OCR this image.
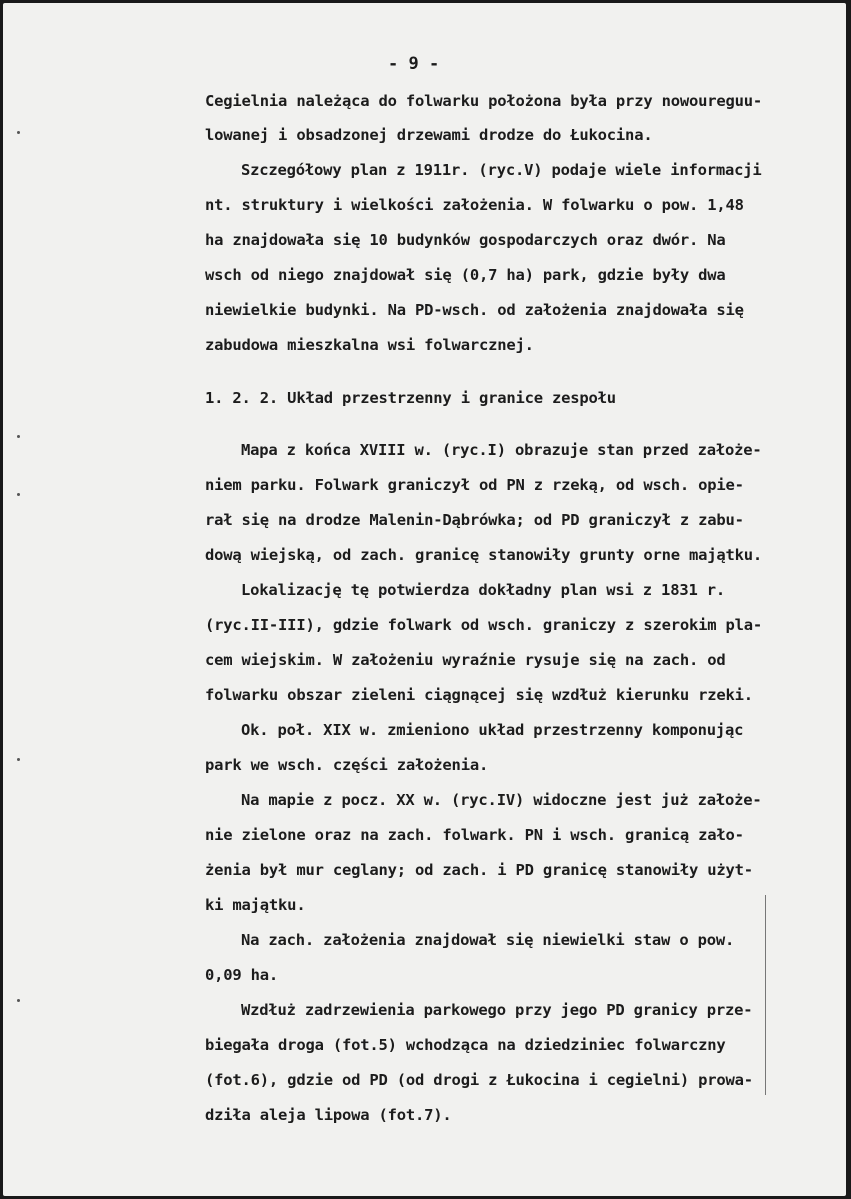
- 9 -
Cegielnia należąca do folwarku położona była przy nowoureguu-
lowanej i obsadzonej drzewami drodze do Łukocina.
Szczegółowy plan z 1911r. (ryc.V) podaje wiele informacji
nt. struktury i wielkości założenia. W folwarku o pow. 1,48
ha znajdowała się 10 budynków gospodarczych oraz dwór. Na
wsch od niego znajdował się (0,7 ha) park, gdzie były dwa
niewielkie budynki. Na PD-wsch. od założenia znajdowała się
zabudowa mieszkalna wsi folwarcznej.
1. 2. 2. Układ przestrzenny i granice zespołu
Mapa z końca XVIII w. (ryc.I) obrazuje stan przed założe-
niem parku. Folwark graniczył od PN z rzeką, od wsch. opie-
rał się na drodze Malenin-Dąbrówka; od PD graniczył z zabu-
dową wiejską, od zach. granicę stanowiły grunty orne majątku.
Lokalizację tę potwierdza dokładny plan wsi z 1831 r.
(ryc.II-III), gdzie folwark od wsch. graniczy z szerokim pla-
cem wiejskim. W założeniu wyraźnie rysuje się na zach. od
folwarku obszar zieleni ciągnącej się wzdłuż kierunku rzeki.
Ok. poł. XIX w. zmieniono układ przestrzenny komponując
park we wsch. części założenia.
Na mapie z pocz. XX w. (ryc.IV) widoczne jest już założe-
nie zielone oraz na zach. folwark. PN i wsch. granicą zało-
żenia był mur ceglany; od zach. i PD granicę stanowiły użyt-
ki majątku.
Na zach. założenia znajdował się niewielki staw o pow.
0,09 ha.
Wzdłuż zadrzewienia parkowego przy jego PD granicy prze-
biegała droga (fot.5) wchodząca na dziedziniec folwarczny
(fot.6), gdzie od PD (od drogi z Łukocina i cegielni) prowa-
dziła aleja lipowa (fot.7).
